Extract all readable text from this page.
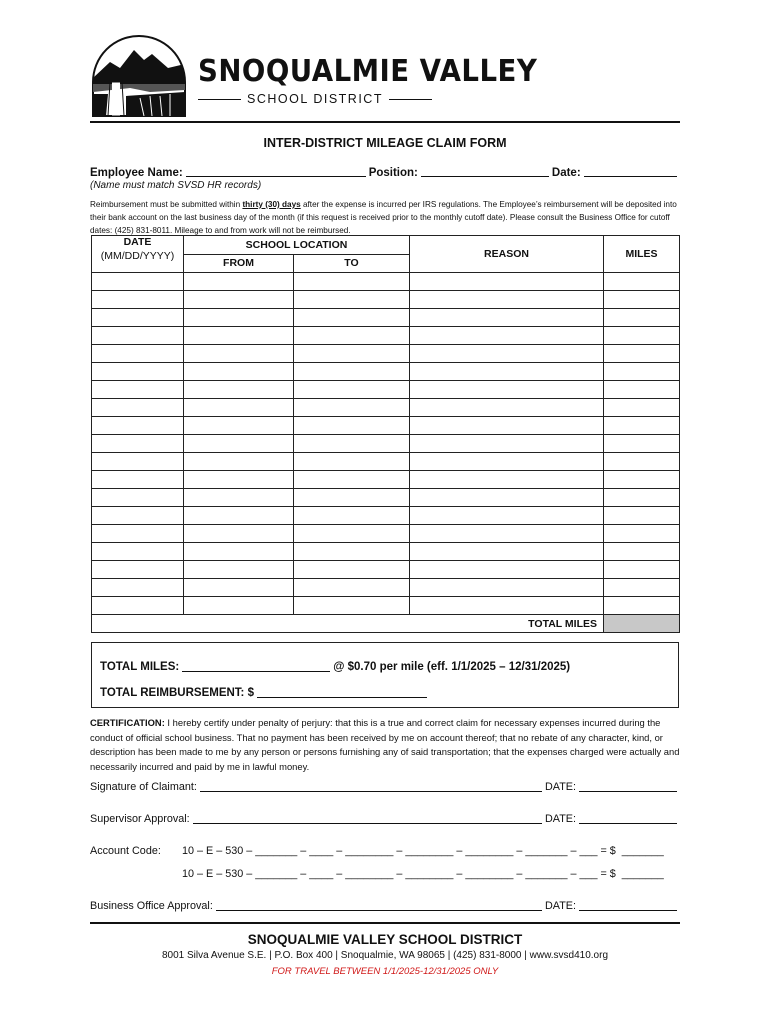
SNOQUALMIE VALLEY
SCHOOL DISTRICT
INTER-DISTRICT MILEAGE CLAIM FORM
Employee Name:	Position:	Date:
(Name must match SVSD HR records)
Reimbursement must be submitted within thirty (30) days after the expense is incurred per IRS regulations. The Employee’s reimbursement will be deposited into their bank account on the last business day of the month (if this request is received prior to the monthly cutoff date). Please consult the Business Office for cutoff dates: (425) 831-8011. Mileage to and from work will not be reimbursed.
DATE
(MM/DD/YYYY)	SCHOOL LOCATION		REASON	MILES
	FROM	TO		

TOTAL MILES				
TOTAL MILES:	@ $0.70 per mile (eff. 1/1/2025 – 12/31/2025)
TOTAL REIMBURSEMENT: $
CERTIFICATION: I hereby certify under penalty of perjury: that this is a true and correct claim for necessary expenses incurred during the conduct of official school business. That no payment has been received by me on account thereof; that no rebate of any character, kind, or description has been made to me by any person or persons furnishing any of said transportation; that the expenses charged were actually and necessarily incurred and paid by me in lawful money.
Signature of Claimant:	DATE:
Supervisor Approval:	DATE:
Account Code: 10 – E – 530 – _______ – ____ – ________ – ________ – ________ – _______ – ___ = $  _______
10 – E – 530 – _______ – ____ – ________ – ________ – ________ – _______ – ___ = $  _______
Business Office Approval:	DATE:
SNOQUALMIE VALLEY SCHOOL DISTRICT
8001 Silva Avenue S.E. | P.O. Box 400 | Snoqualmie, WA 98065 | (425) 831-8000 | www.svsd410.org
FOR TRAVEL BETWEEN 1/1/2025-12/31/2025 ONLY
